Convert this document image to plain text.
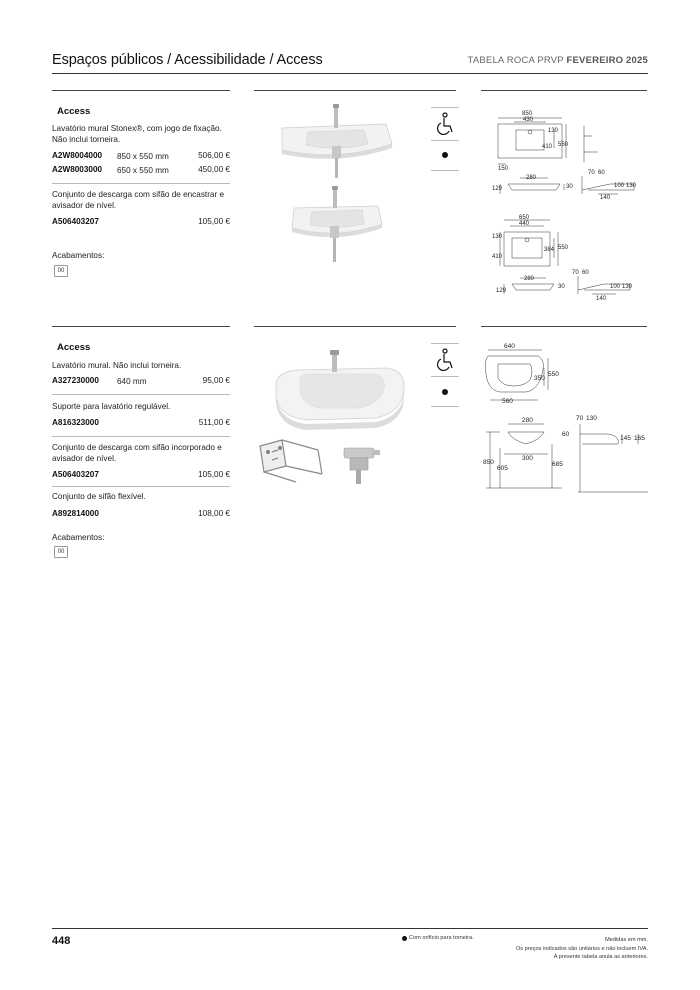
Espaços públicos / Acessibilidade / Access	TABELA ROCA PRVP FEVEREIRO 2025
Access
Lavatório mural Stonex®, com jogo de fixação. Não inclui torneira.
A2W8004000 850 x 550 mm	506,00 €
A2W8003000 650 x 550 mm	450,00 €
Conjunto de descarga com sifão de encastrar e avisador de nível.
A506403207	105,00 €
Acabamentos:
00
850
430
130
410 550
150
280
30
70 60
129
140
100 130
650
440
130
410
384 550
280
30
70 60
129
140
100 130
Access
Lavatório mural. Não inclui torneira.
A327230000 640 mm	95,00 €
Suporte para lavatório regulável.
A816323000	511,00 €
Conjunto de descarga com sifão incorporado e avisador de nível.
A506403207	105,00 €
Conjunto de sifão flexível.
A892814000	108,00 €
Acabamentos:
00
640
350
550
560
280
60
70 130
145 165
300
850
605
685
448	Com orifício para torneira.	Medidas em mm.
Os preços indicados são unitários e não incluem IVA.
A presente tabela anula as anteriores.
